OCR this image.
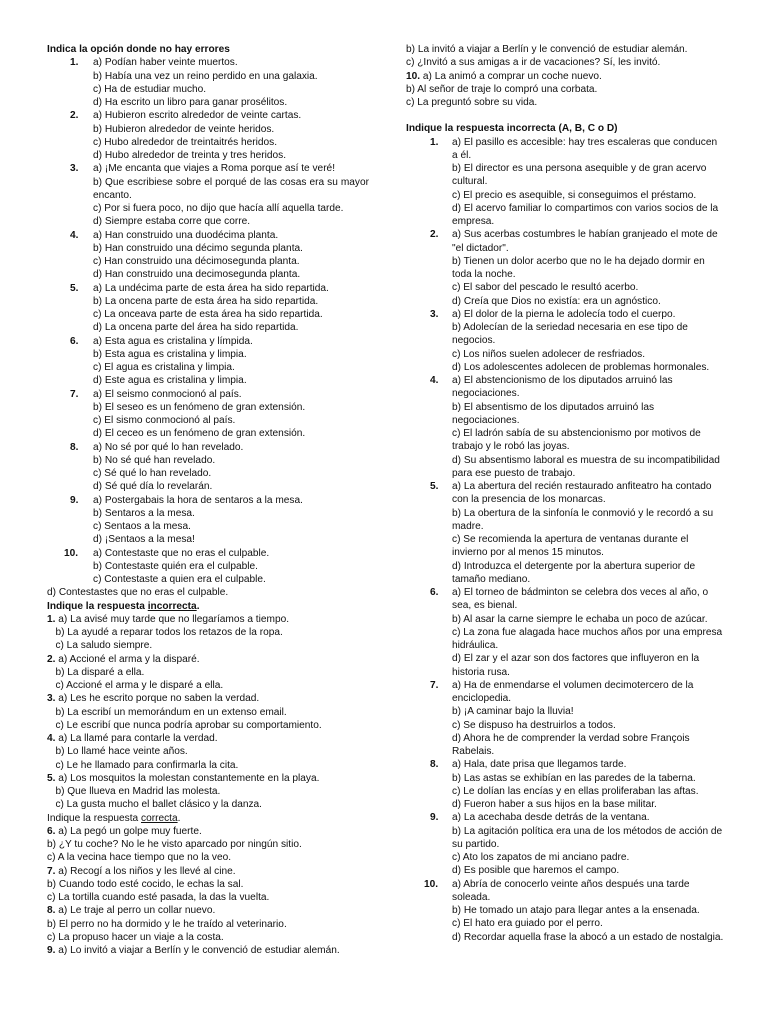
Indica la opción donde no hay errores
1. a) Podían haber veinte muertos.
b) Había una vez un reino perdido en una galaxia.
c) Ha de estudiar mucho.
d) Ha escrito un libro para ganar prosélitos.
2. a) Hubieron escrito alrededor de veinte cartas.
b) Hubieron alrededor de veinte heridos.
c) Hubo alrededor de treintaitrés heridos.
d) Hubo alrededor de treinta y tres heridos.
3. a) ¡Me encanta que viajes a Roma porque así te veré!
b) Que escribiese sobre el porqué de las cosas era su mayor encanto.
c) Por si fuera poco, no dijo que hacía allí aquella tarde.
d) Siempre estaba corre que corre.
4. a) Han construido una duodécima planta.
b) Han construido una décimo segunda planta.
c) Han construido una décimosegunda planta.
d) Han construido una decimosegunda planta.
5. a) La undécima parte de esta área ha sido repartida.
b) La oncena parte de esta área ha sido repartida.
c) La onceava parte de esta área ha sido repartida.
d) La oncena parte del área ha sido repartida.
6. a) Esta agua es cristalina y límpida.
b) Esta agua es cristalina y limpia.
c) El agua es cristalina y limpia.
d) Este agua es cristalina y limpia.
7. a) El seismo conmocionó al país.
b) El seseo es un fenómeno de gran extensión.
c) El sismo conmocionó al país.
d) El ceceo es un fenómeno de gran extensión.
8. a) No sé por qué lo han revelado.
b) No sé qué han revelado.
c) Sé qué lo han revelado.
d) Sé qué día lo revelarán.
9. a) Postergabais la hora de sentaros a la mesa.
b) Sentaros a la mesa.
c) Sentaos a la mesa.
d) ¡Sentaos a la mesa!
10. a) Contestaste que no eras el culpable.
b) Contestaste quién era el culpable.
c) Contestaste a quien era el culpable.
d) Contestastes que no eras el culpable.
Indique la respuesta incorrecta.
1. a) La avisé muy tarde que no llegaríamos a tiempo.
b) La ayudé a reparar todos los retazos de la ropa.
c) La saludo siempre.
2. a) Accioné el arma y la disparé.
b) La disparé a ella.
c) Accioné el arma y le disparé a ella.
3. a) Les he escrito porque no saben la verdad.
b) La escribí un memorándum en un extenso email.
c) Le escribí que nunca podría aprobar su comportamiento.
4. a) La llamé para contarle la verdad.
b) Lo llamé hace veinte años.
c) Le he llamado para confirmarla la cita.
5. a) Los mosquitos la molestan constantemente en la playa.
b) Que llueva en Madrid las molesta.
c) La gusta mucho el ballet clásico y la danza.
Indique la respuesta correcta.
6. a) La pegó un golpe muy fuerte.
b) ¿Y tu coche? No le he visto aparcado por ningún sitio.
c) A la vecina hace tiempo que no la veo.
7. a) Recogí a los niños y les llevé al cine.
b) Cuando todo esté cocido, le echas la sal.
c) La tortilla cuando esté pasada, la das la vuelta.
8. a) Le traje al perro un collar nuevo.
b) El perro no ha dormido y le he traído al veterinario.
c) La propuso hacer un viaje a la costa.
9. a) Lo invitó a viajar a Berlín y le convenció de estudiar alemán.
b) La invitó a viajar a Berlín y le convenció de estudiar alemán.
c) ¿Invitó a sus amigas a ir de vacaciones? Sí, les invitó.
10. a) La animó a comprar un coche nuevo.
b) Al señor de traje lo compró una corbata.
c) La preguntó sobre su vida.
Indique la respuesta incorrecta (A, B, C o D)
1. a) El pasillo es accesible: hay tres escaleras que conducen a él.
b) El director es una persona asequible y de gran acervo cultural.
c) El precio es asequible, si conseguimos el préstamo.
d) El acervo familiar lo compartimos con varios socios de la empresa.
2. a) Sus acerbas costumbres le habían granjeado el mote de "el dictador".
b) Tienen un dolor acerbo que no le ha dejado dormir en toda la noche.
c) El sabor del pescado le resultó acerbo.
d) Creía que Dios no existía: era un agnóstico.
3. a) El dolor de la pierna le adolecía todo el cuerpo.
b) Adolecían de la seriedad necesaria en ese tipo de negocios.
c) Los niños suelen adolecer de resfriados.
d) Los adolescentes adolecen de problemas hormonales.
4. a) El abstencionismo de los diputados arruinó las negociaciones.
b) El absentismo de los diputados arruinó las negociaciones.
c) El ladrón sabía de su abstencionismo por motivos de trabajo y le robó las joyas.
d) Su absentismo laboral es muestra de su incompatibilidad para ese puesto de trabajo.
5. a) La abertura del recién restaurado anfiteatro ha contado con la presencia de los monarcas.
b) La obertura de la sinfonía le conmovió y le recordó a su madre.
c) Se recomienda la apertura de ventanas durante el invierno por al menos 15 minutos.
d) Introduzca el detergente por la abertura superior de tamaño mediano.
6. a) El torneo de bádminton se celebra dos veces al año, o sea, es bienal.
b) Al asar la carne siempre le echaba un poco de azúcar.
c) La zona fue alagada hace muchos años por una empresa hidráulica.
d) El zar y el azar son dos factores que influyeron en la historia rusa.
7. a) Ha de enmendarse el volumen decimotercero de la enciclopedia.
b) ¡A caminar bajo la lluvia!
c) Se dispuso ha destruirlos a todos.
d) Ahora he de comprender la verdad sobre François Rabelais.
8. a) Hala, date prisa que llegamos tarde.
b) Las astas se exhibían en las paredes de la taberna.
c) Le dolían las encías y en ellas proliferaban las aftas.
d) Fueron haber a sus hijos en la base militar.
9. a) La acechaba desde detrás de la ventana.
b) La agitación política era una de los métodos de acción de su partido.
c) Ato los zapatos de mi anciano padre.
d) Es posible que haremos el campo.
10. a) Abría de conocerlo veinte años después una tarde soleada.
b) He tomado un atajo para llegar antes a la ensenada.
c) El hato era guiado por el perro.
d) Recordar aquella frase la abocó a un estado de nostalgia.
